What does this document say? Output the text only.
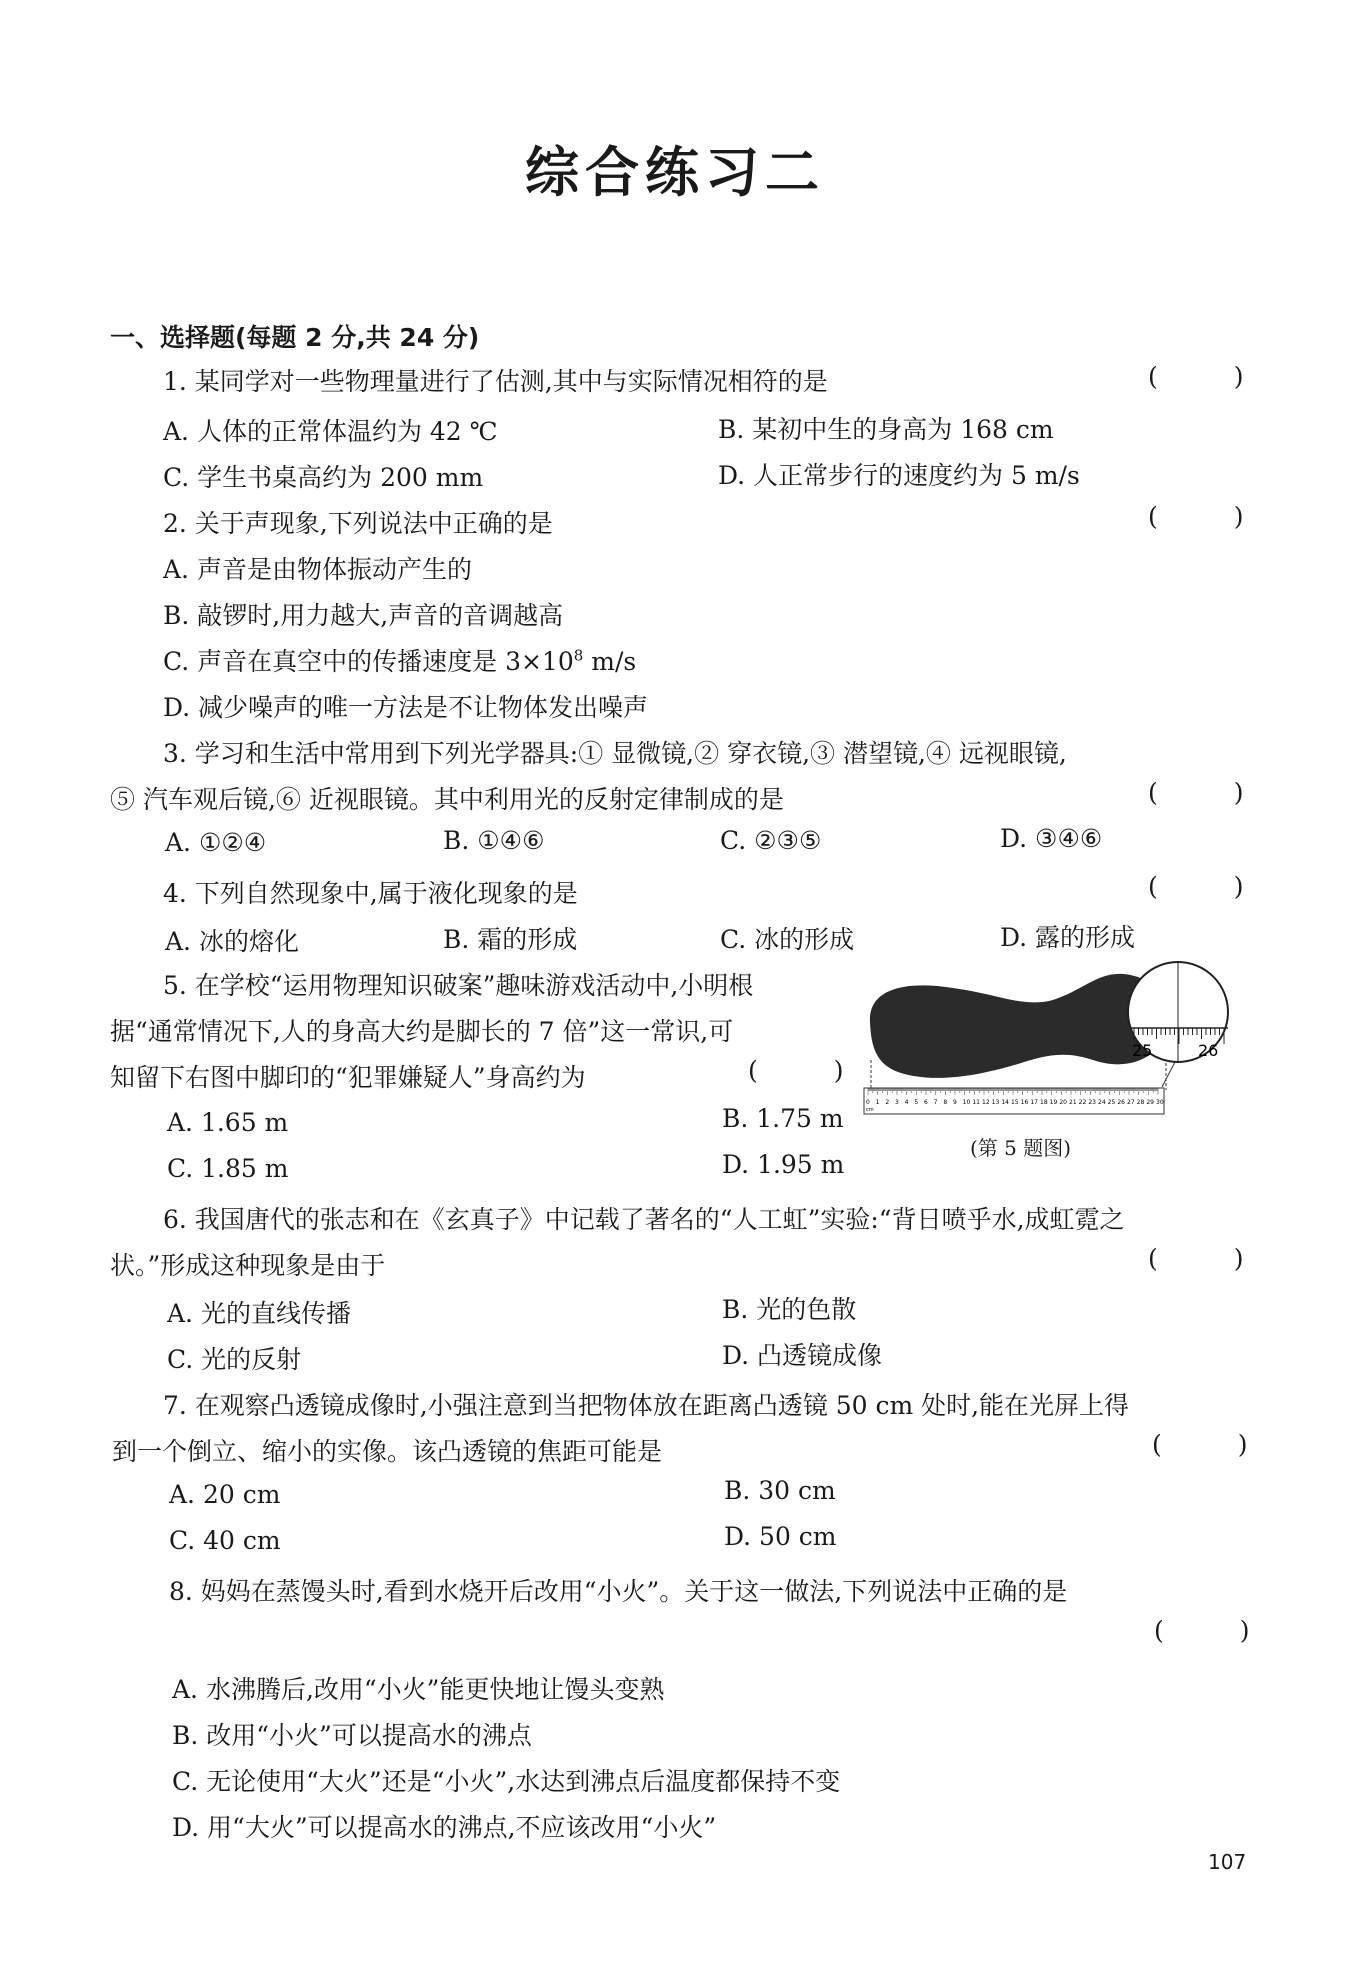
综合练习二
一、选择题(每题 2 分,共 24 分)
1. 某同学对一些物理量进行了估测,其中与实际情况相符的是	( )
A. 人体的正常体温约为 42 ℃	B. 某初中生的身高为 168 cm
C. 学生书桌高约为 200 mm	D. 人正常步行的速度约为 5 m/s
2. 关于声现象,下列说法中正确的是	( )
A. 声音是由物体振动产生的
B. 敲锣时,用力越大,声音的音调越高
C. 声音在真空中的传播速度是 $3\times 10^8$ m/s
D. 减少噪声的唯一方法是不让物体发出噪声
3. 学习和生活中常用到下列光学器具:① 显微镜,② 穿衣镜,③ 潜望镜,④ 远视眼镜,
⑤ 汽车观后镜,⑥ 近视眼镜。其中利用光的反射定律制成的是	( )
A. ①②④	B. ①④⑥	C. ②③⑤	D. ③④⑥
4. 下列自然现象中,属于液化现象的是	( )
A. 冰的熔化	B. 霜的形成	C. 冰的形成	D. 露的形成
5. 在学校“运用物理知识破案”趣味游戏活动中,小明根
据“通常情况下,人的身高大约是脚长的 7 倍”这一常识,可
知留下右图中脚印的“犯罪嫌疑人”身高约为	( )
A. 1.65 m	B. 1.75 m
C. 1.85 m	D. 1.95 m
0 1 2 3 4 5 6 7 8 9 10 11 12 13 14 15 16 17 18 19 20 21 22 23 24 25 26 27 28 29 30
cm
25	26
(第 5 题图)
6. 我国唐代的张志和在《玄真子》中记载了著名的“人工虹”实验:“背日喷乎水,成虹霓之
状。”形成这种现象是由于	( )
A. 光的直线传播	B. 光的色散
C. 光的反射	D. 凸透镜成像
7. 在观察凸透镜成像时,小强注意到当把物体放在距离凸透镜 50 cm 处时,能在光屏上得
到一个倒立、缩小的实像。该凸透镜的焦距可能是	( )
A. 20 cm	B. 30 cm
C. 40 cm	D. 50 cm
8. 妈妈在蒸馒头时,看到水烧开后改用“小火”。关于这一做法,下列说法中正确的是
( )
A. 水沸腾后,改用“小火”能更快地让馒头变熟
B. 改用“小火”可以提高水的沸点
C. 无论使用“大火”还是“小火”,水达到沸点后温度都保持不变
D. 用“大火”可以提高水的沸点,不应该改用“小火”
107
